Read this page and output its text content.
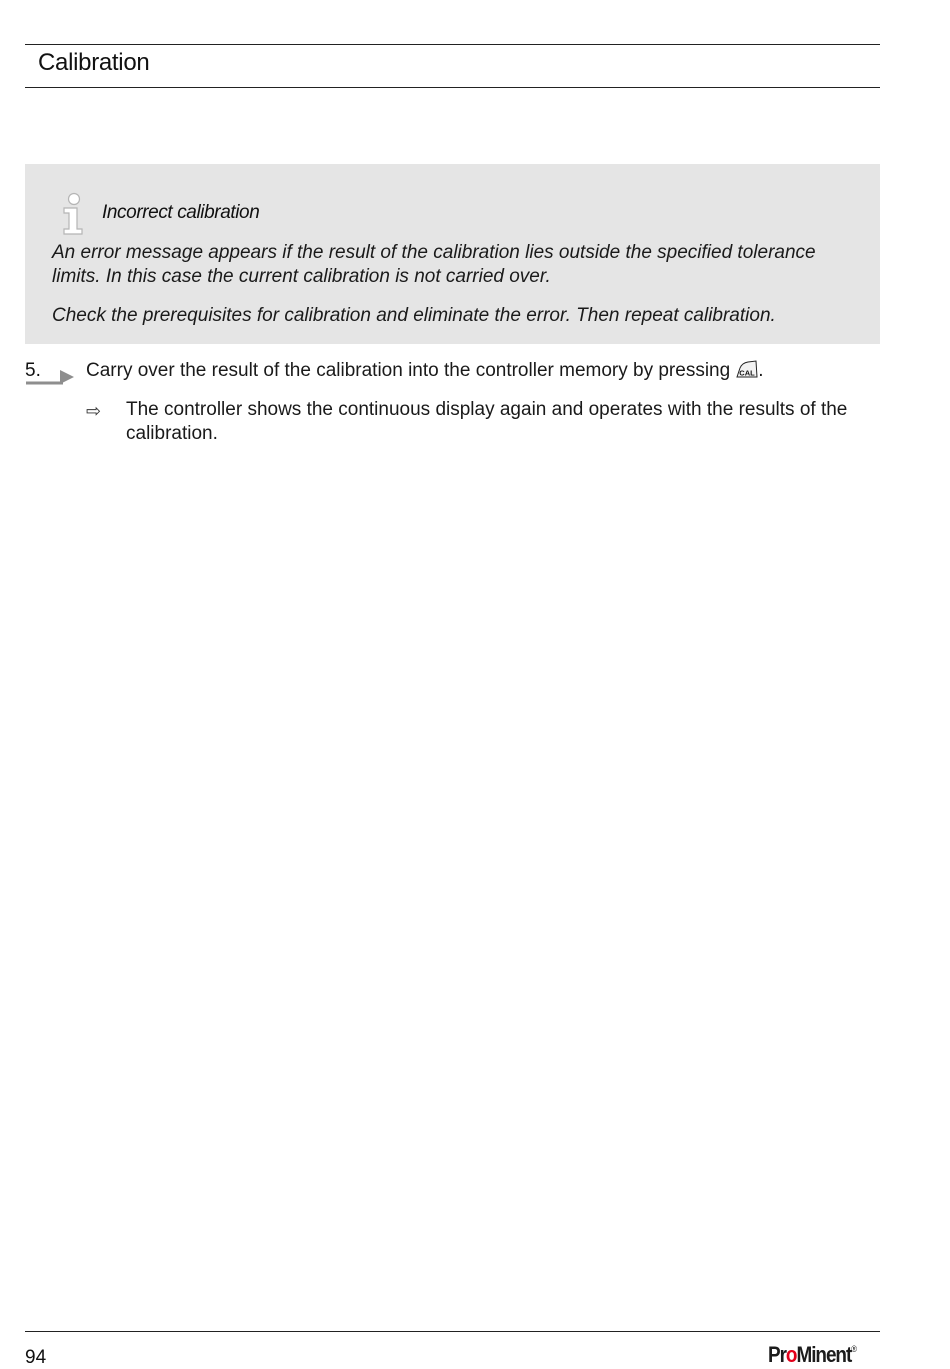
Calibration
Incorrect calibration
An error message appears if the result of the calibration lies outside the specified tolerance limits. In this case the current calibration is not carried over.
Check the prerequisites for calibration and eliminate the error. Then repeat calibration.
5. Carry over the result of the calibration into the controller memory by pressing CAL .
⇨ The controller shows the continuous display again and operates with the results of the calibration.
94	ProMinent®
